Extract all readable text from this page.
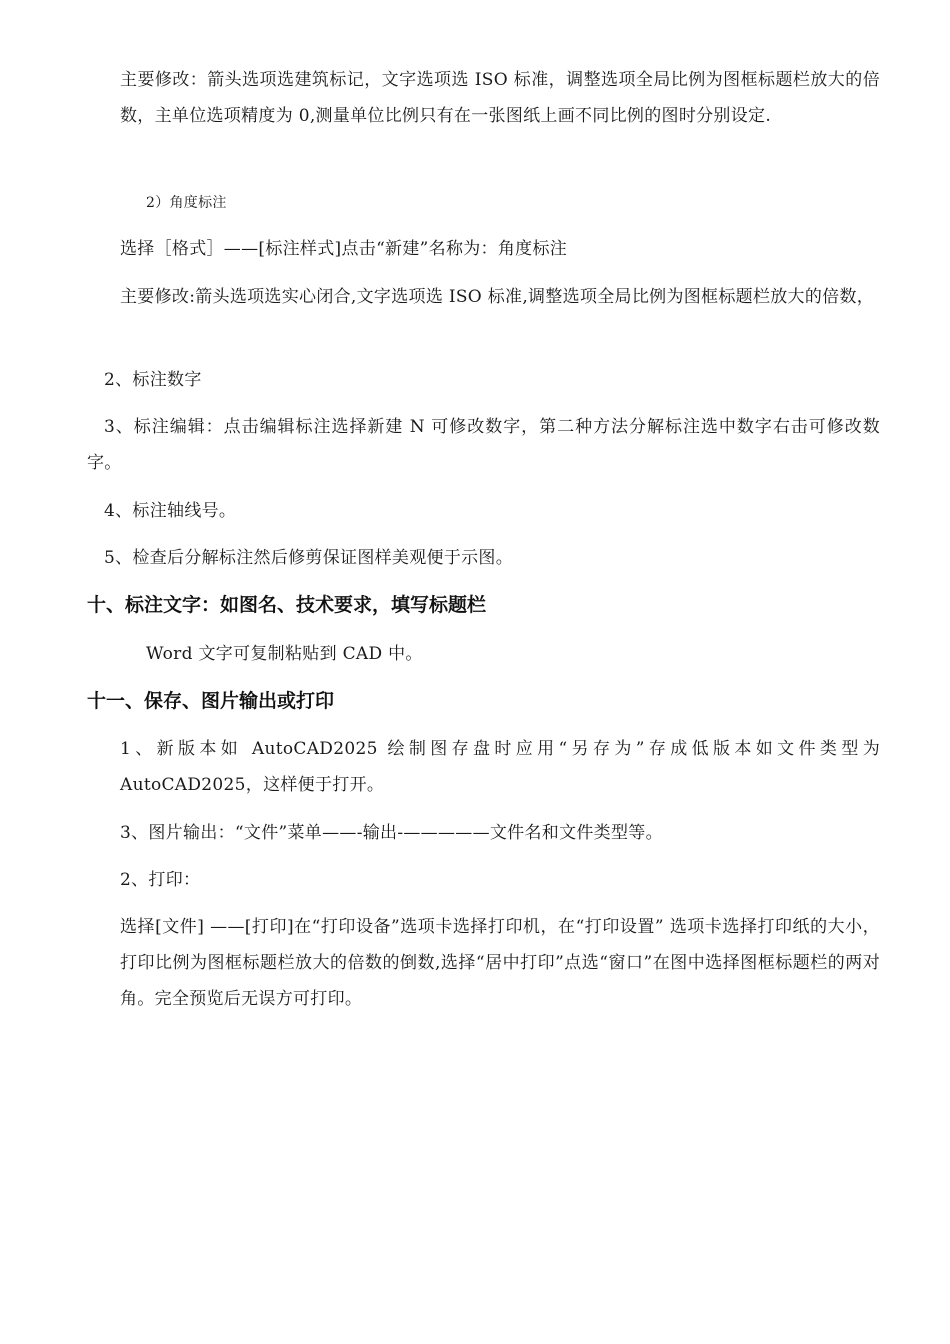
主要修改：箭头选项选建筑标记，文字选项选 ISO 标准，调整选项全局比例为图框标题栏放大的倍数，主单位选项精度为 0,测量单位比例只有在一张图纸上画不同比例的图时分别设定.

2）角度标注

选择［格式］——[标注样式]点击“新建”名称为：角度标注

主要修改:箭头选项选实心闭合,文字选项选 ISO 标准,调整选项全局比例为图框标题栏放大的倍数，

2、标注数字

3、标注编辑：点击编辑标注选择新建 N 可修改数字，第二种方法分解标注选中数字右击可修改数字。

4、标注轴线号。

5、检查后分解标注然后修剪保证图样美观便于示图。

十、标注文字：如图名、技术要求，填写标题栏

Word 文字可复制粘贴到 CAD 中。

十一、保存、图片输出或打印

1、新版本如 AutoCAD2025 绘制图存盘时应用“另存为”存成低版本如文件类型为 AutoCAD2025，这样便于打开。

3、图片输出：“文件”菜单——-输出-—————文件名和文件类型等。

2、打印：

选择[文件] ——[打印]在“打印设备”选项卡选择打印机，在“打印设置” 选项卡选择打印纸的大小，打印比例为图框标题栏放大的倍数的倒数,选择“居中打印”点选“窗口”在图中选择图框标题栏的两对角。完全预览后无误方可打印。
